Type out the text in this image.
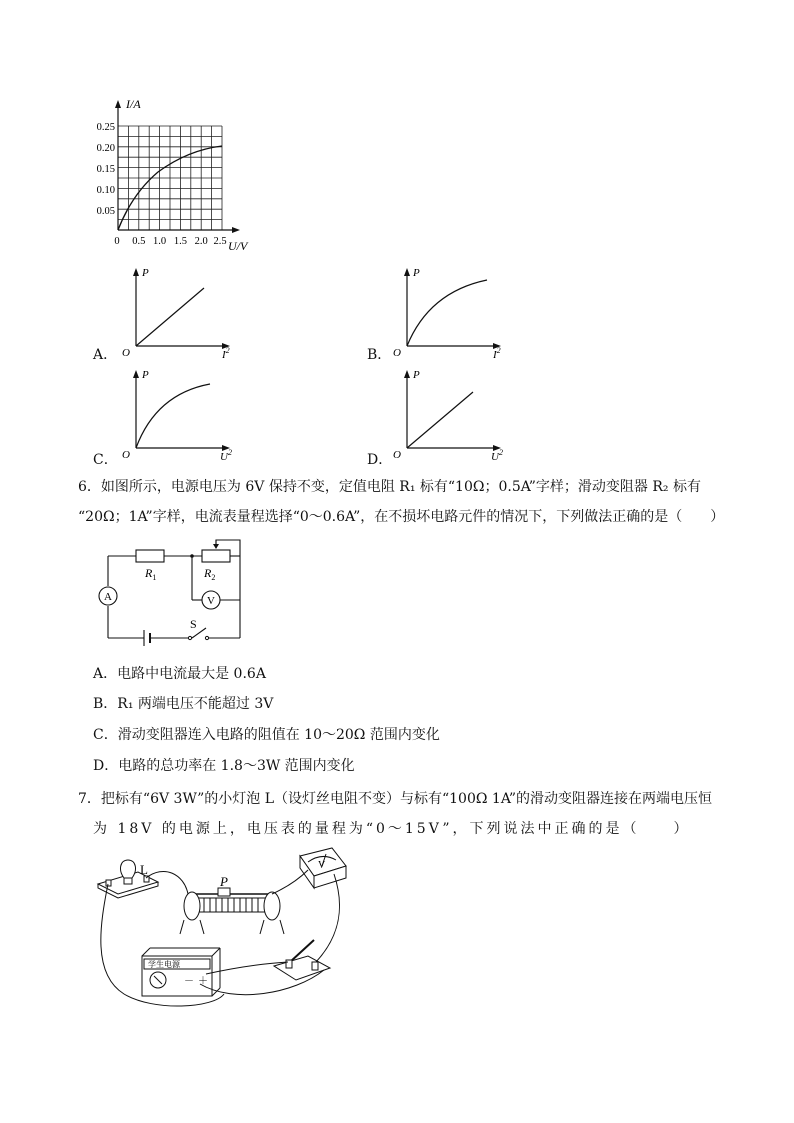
I/A
U/V
0.25
0.20
0.15
0.10
0.05
0 0.5 1.0 1.5 2.0 2.5
A．
P
O	$I^2$	B．
P
O	$I^2$
C．
P
O	$U^2$	D．
P
O	$U^2$
6．如图所示，电源电压为 6V 保持不变，定值电阻 R₁ 标有“10Ω；0.5A”字样；滑动变阻器 R₂ 标有
“20Ω；1A”字样，电流表量程选择“0～0.6A”，在不损坏电路元件的情况下，下列做法正确的是（　　）
$R_1$	$R_2$
A	V
S
A．电路中电流最大是 0.6A
B．R₁ 两端电压不能超过 3V
C．滑动变阻器连入电路的阻值在 10～20Ω 范围内变化
D．电路的总功率在 1.8～3W 范围内变化
7．把标有“6V 3W”的小灯泡 L（设灯丝电阻不变）与标有“100Ω 1A”的滑动变阻器连接在两端电压恒
为 18V 的电源上，电压表的量程为“0～15V”，下列说法中正确的是（　　）
L
P
V
学生电源
－ ＋
